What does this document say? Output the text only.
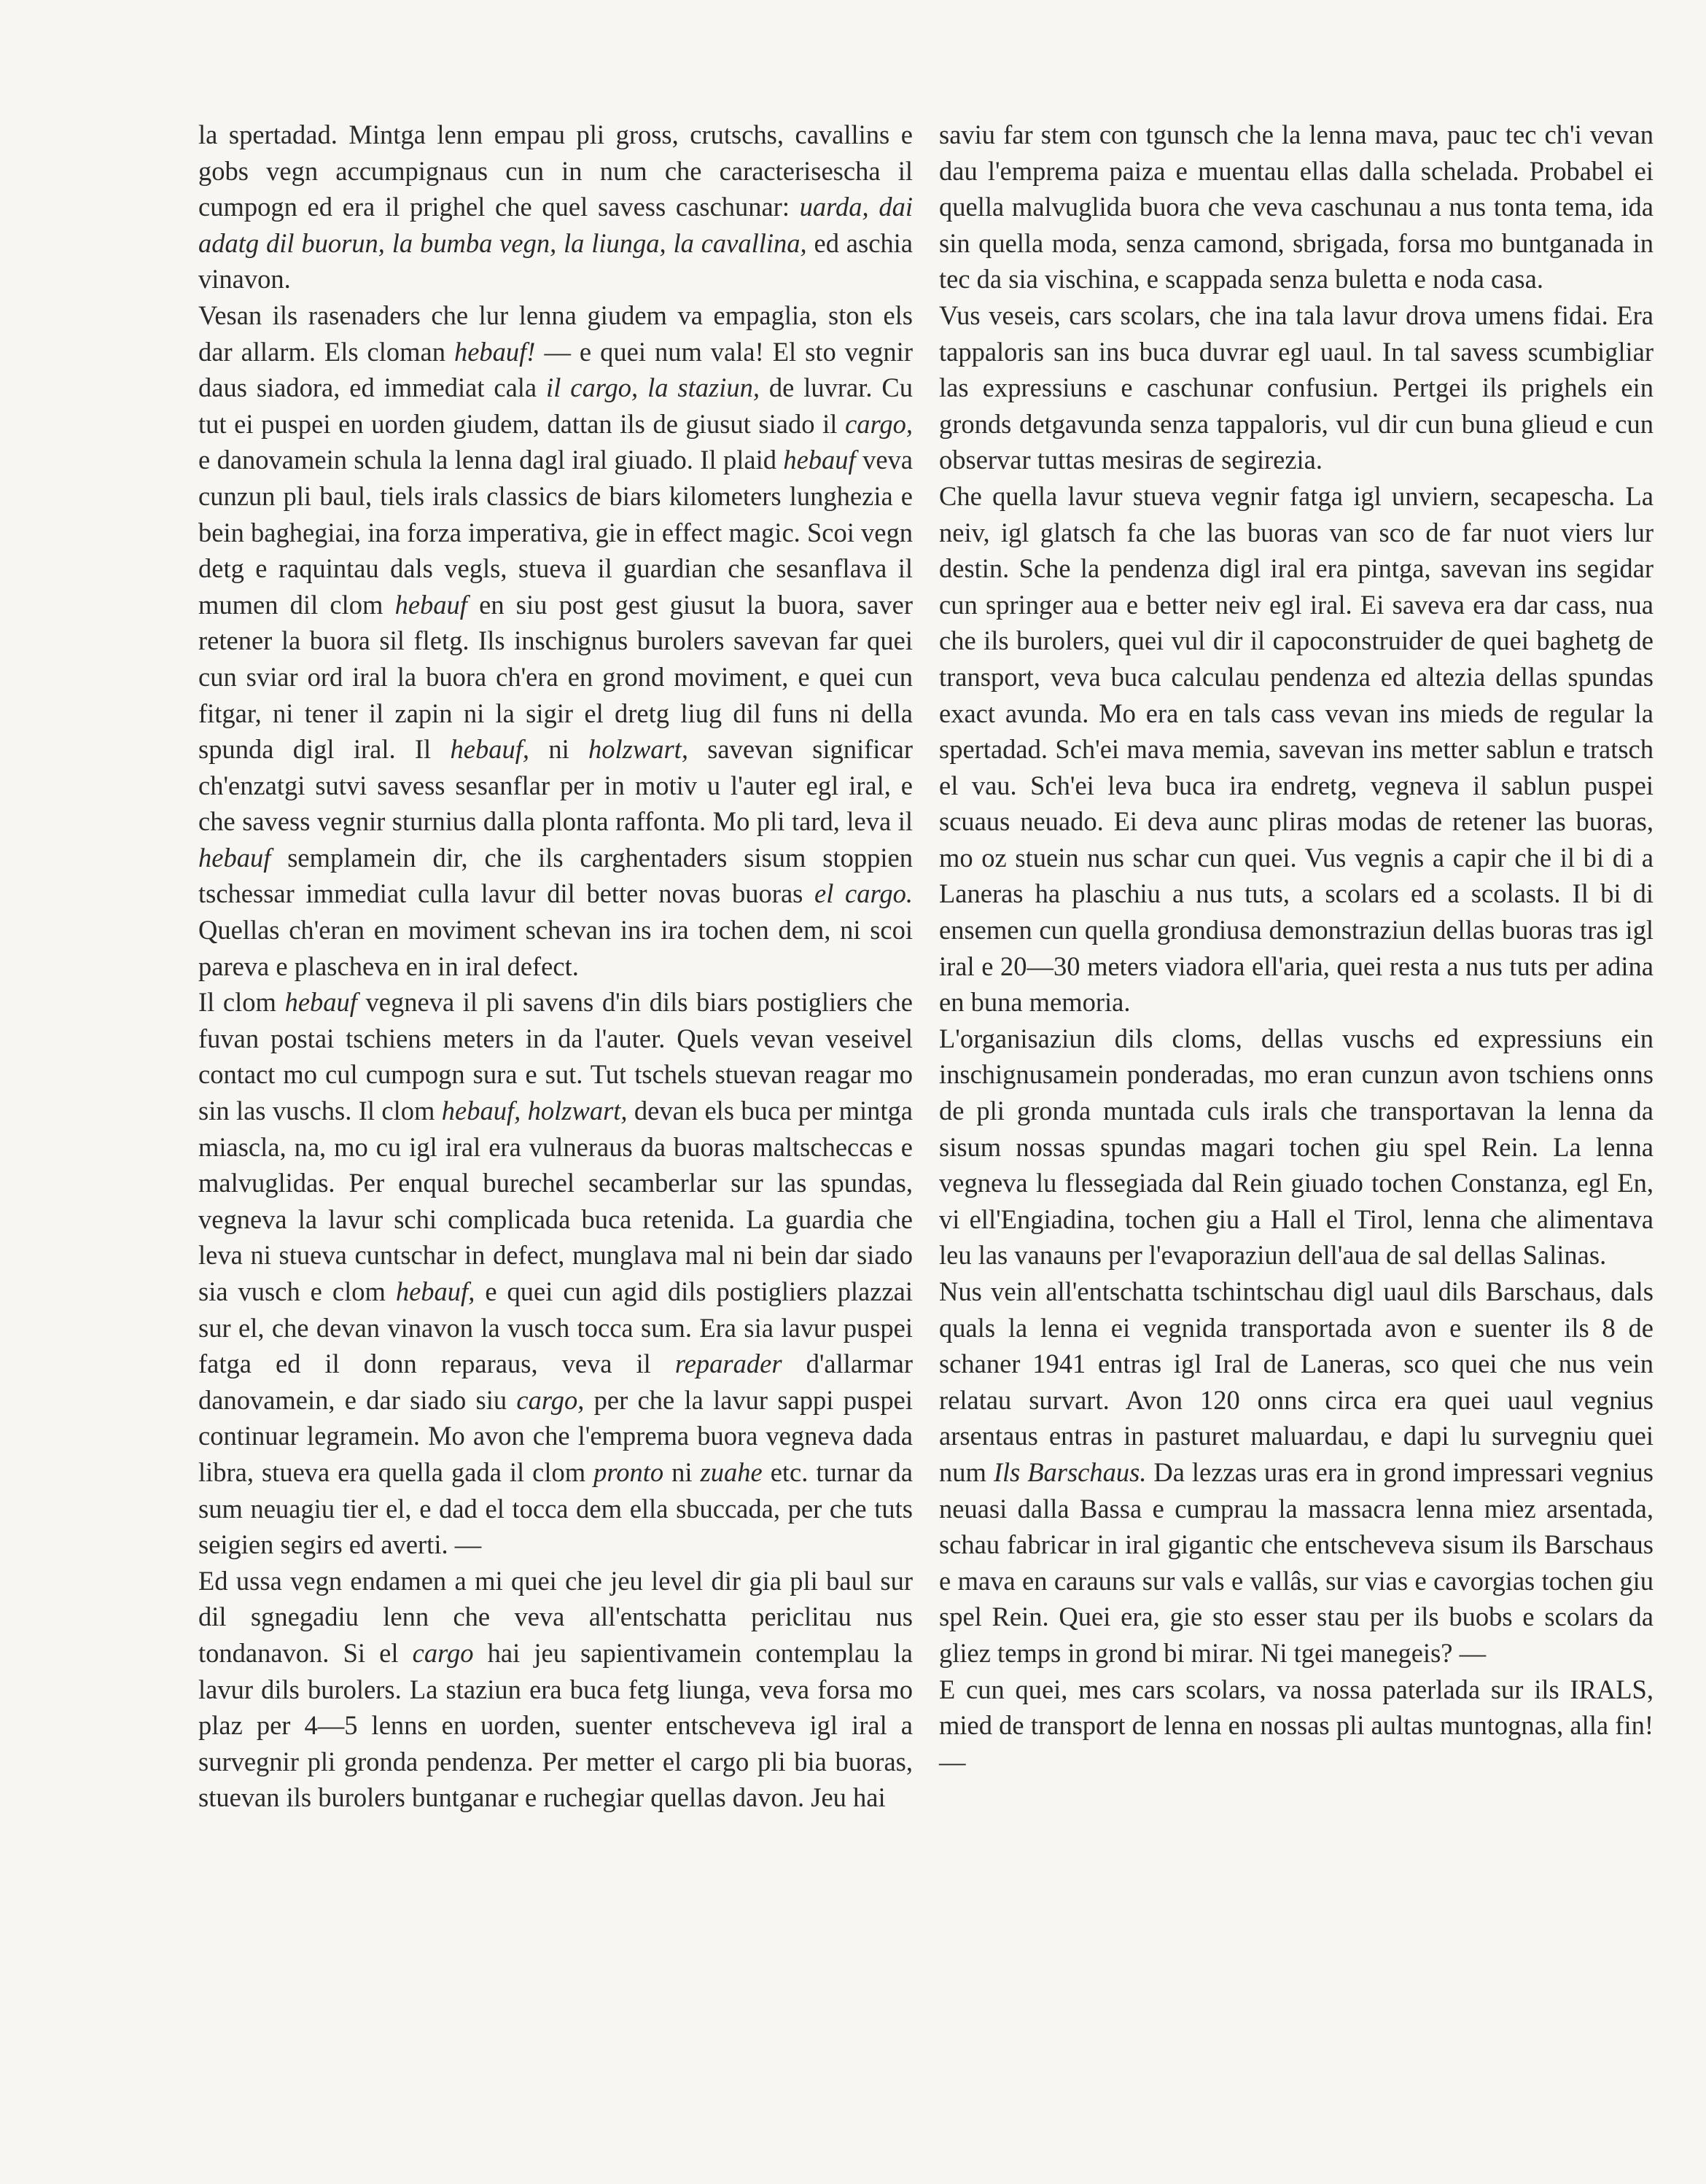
la spertadad. Mintga lenn empau pli gross, crutschs, cavallins e gobs vegn accumpignaus cun in num che caracterisescha il cumpogn ed era il prighel che quel savess caschunar: uarda, dai adatg dil buorun, la bumba vegn, la liunga, la cavallina, ed aschia vinavon.

Vesan ils rasenaders che lur lenna giudem va empaglia, ston els dar allarm. Els cloman hebauf! — e quei num vala! El sto vegnir daus siadora, ed immediat cala il cargo, la staziun, de luvrar. Cu tut ei puspei en uorden giudem, dattan ils de giusut siado il cargo, e danovamein schula la lenna dagl iral giuado. Il plaid hebauf veva cunzun pli baul, tiels irals classics de biars kilometers lunghezia e bein baghegiai, ina forza imperativa, gie in effect magic. Scoi vegn detg e raquintau dals vegls, stueva il guardian che sesanflava il mumen dil clom hebauf en siu post gest giusut la buora, saver retener la buora sil fletg. Ils inschignus burolers savevan far quei cun sviar ord iral la buora ch'era en grond moviment, e quei cun fitgar, ni tener il zapin ni la sigir el dretg liug dil funs ni della spunda digl iral. Il hebauf, ni holzwart, savevan significar ch'enzatgi sutvi savess sesanflar per in motiv u l'auter egl iral, e che savess vegnir sturnius dalla plonta raffonta. Mo pli tard, leva il hebauf semplamein dir, che ils carghentaders sisum stoppien tschessar immediat culla lavur dil better novas buoras el cargo. Quellas ch'eran en moviment schevan ins ira tochen dem, ni scoi pareva e plascheva en in iral defect.

Il clom hebauf vegneva il pli savens d'in dils biars postigliers che fuvan postai tschiens meters in da l'auter. Quels vevan veseivel contact mo cul cumpogn sura e sut. Tut tschels stuevan reagar mo sin las vuschs. Il clom hebauf, holzwart, devan els buca per mintga miascla, na, mo cu igl iral era vulneraus da buoras maltscheccas e malvuglidas. Per enqual burechel secamberlar sur las spundas, vegneva la lavur schi complicada buca retenida. La guardia che leva ni stueva cuntschar in defect, munglava mal ni bein dar siado sia vusch e clom hebauf, e quei cun agid dils postigliers plazzai sur el, che devan vinavon la vusch tocca sum. Era sia lavur puspei fatga ed il donn reparaus, veva il reparader d'allarmar danovamein, e dar siado siu cargo, per che la lavur sappi puspei continuar legramein. Mo avon che l'emprema buora vegneva dada libra, stueva era quella gada il clom pronto ni zuahe etc. turnar da sum neuagiu tier el, e dad el tocca dem ella sbuccada, per che tuts seigien segirs ed averti. —

Ed ussa vegn endamen a mi quei che jeu level dir gia pli baul sur dil sgnegadiu lenn che veva all'entschatta periclitau nus tondanavon. Si el cargo hai jeu sapientivamein contemplau la lavur dils burolers. La staziun era buca fetg liunga, veva forsa mo plaz per 4—5 lenns en uorden, suenter entscheveva igl iral a survegnir pli gronda pendenza. Per metter el cargo pli bia buoras, stuevan ils burolers buntganar e ruchegiar quellas davon. Jeu hai

saviu far stem con tgunsch che la lenna mava, pauc tec ch'i vevan dau l'emprema paiza e muentau ellas dalla schelada. Probabel ei quella malvuglida buora che veva caschunau a nus tonta tema, ida sin quella moda, senza camond, sbrigada, forsa mo buntganada in tec da sia vischina, e scappada senza buletta e noda casa.

Vus veseis, cars scolars, che ina tala lavur drova umens fidai. Era tappaloris san ins buca duvrar egl uaul. In tal savess scumbigliar las expressiuns e caschunar confusiun. Pertgei ils prighels ein gronds detgavunda senza tappaloris, vul dir cun buna glieud e cun observar tuttas mesiras de segirezia.

Che quella lavur stueva vegnir fatga igl unviern, secapescha. La neiv, igl glatsch fa che las buoras van sco de far nuot viers lur destin. Sche la pendenza digl iral era pintga, savevan ins segidar cun springer aua e better neiv egl iral. Ei saveva era dar cass, nua che ils burolers, quei vul dir il capoconstruider de quei baghetg de transport, veva buca calculau pendenza ed altezia dellas spundas exact avunda. Mo era en tals cass vevan ins mieds de regular la spertadad. Sch'ei mava memia, savevan ins metter sablun e tratsch el vau. Sch'ei leva buca ira endretg, vegneva il sablun puspei scuaus neuado. Ei deva aunc pliras modas de retener las buoras, mo oz stuein nus schar cun quei. Vus vegnis a capir che il bi di a Laneras ha plaschiu a nus tuts, a scolars ed a scolasts. Il bi di ensemen cun quella grondiusa demonstraziun dellas buoras tras igl iral e 20—30 meters viadora ell'aria, quei resta a nus tuts per adina en buna memoria.

L'organisaziun dils cloms, dellas vuschs ed expressiuns ein inschignusamein ponderadas, mo eran cunzun avon tschiens onns de pli gronda muntada culs irals che transportavan la lenna da sisum nossas spundas magari tochen giu spel Rein. La lenna vegneva lu flessegiada dal Rein giuado tochen Constanza, egl En, vi ell'Engiadina, tochen giu a Hall el Tirol, lenna che alimentava leu las vanauns per l'evaporaziun dell'aua de sal dellas Salinas.

Nus vein all'entschatta tschintschau digl uaul dils Barschaus, dals quals la lenna ei vegnida transportada avon e suenter ils 8 de schaner 1941 entras igl Iral de Laneras, sco quei che nus vein relatau survart. Avon 120 onns circa era quei uaul vegnius arsentaus entras in pasturet maluardau, e dapi lu survegniu quei num Ils Barschaus. Da lezzas uras era in grond impressari vegnius neuasi dalla Bassa e cumprau la massacra lenna miez arsentada, schau fabricar in iral gigantic che entscheveva sisum ils Barschaus e mava en carauns sur vals e vallâs, sur vias e cavorgias tochen giu spel Rein. Quei era, gie sto esser stau per ils buobs e scolars da gliez temps in grond bi mirar. Ni tgei manegeis? —

E cun quei, mes cars scolars, va nossa paterlada sur ils IRALS, mied de transport de lenna en nossas pli aultas muntognas, alla fin! —
